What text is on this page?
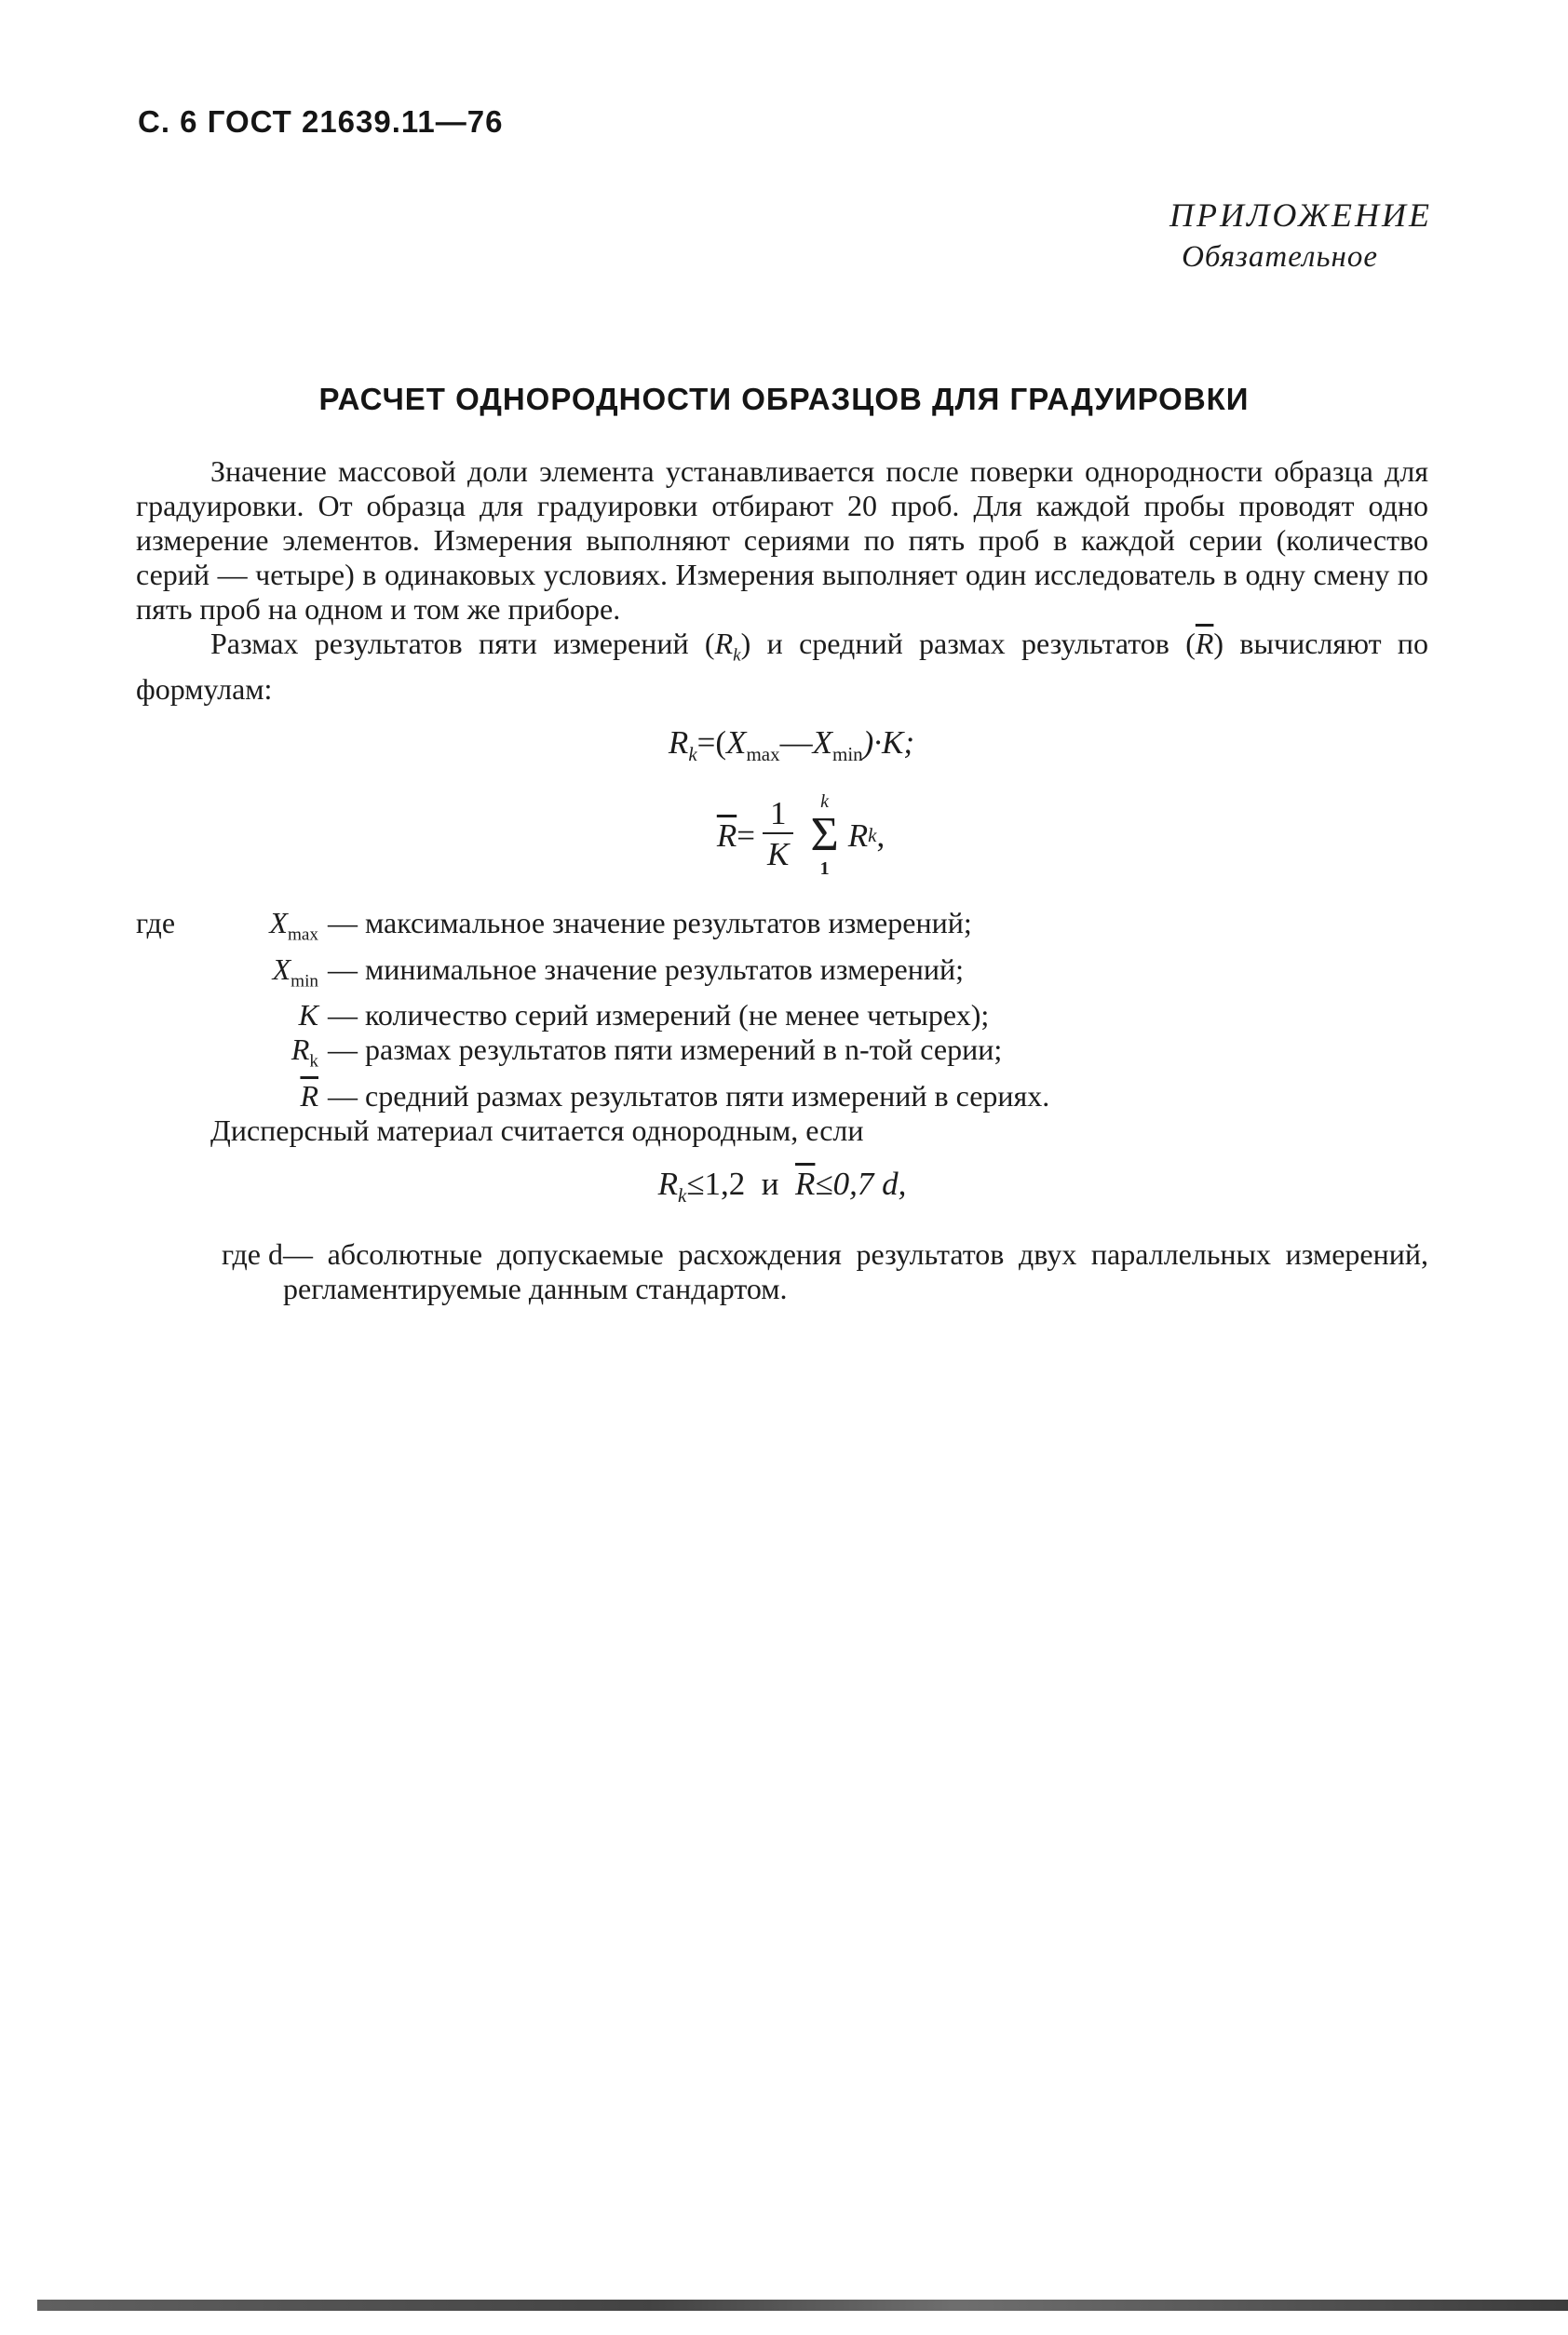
С. 6 ГОСТ 21639.11—76
ПРИЛОЖЕНИЕ
Обязательное
РАСЧЕТ ОДНОРОДНОСТИ ОБРАЗЦОВ ДЛЯ ГРАДУИРОВКИ

Значение массовой доли элемента устанавливается после поверки однородности образца для градуировки. От образца для градуировки отбирают 20 проб. Для каждой пробы проводят одно измерение элементов. Измерения выполняют сериями по пять проб в каждой серии (количество серий — четыре) в одинаковых условиях. Измерения выполняет один исследователь в одну смену по пять проб на одном и том же приборе.

Размах результатов пяти измерений $(R_k)$ и средний размах результатов $(\overline{R})$ вычисляют по формулам:

$R_k=(X_{max}—X_{min})\cdot K$;
$\overline{R} = \frac{1}{K}$ k
Σ
1
R k ,
где	$X_{max}$ — максимальное значение результатов измерений;
$X_{min}$ — минимальное значение результатов измерений;
K — количество серий измерений (не менее четырех);
$R_k$ — размах результатов пяти измерений в n-той серии;
$\overline{R}$ — средний размах результатов пяти измерений в сериях.

Дисперсный материал считается однородным, если

$R_k\le 1,2$  и  $\overline{R}\le 0,7$ d,
где d — абсолютные допускаемые расхождения результатов двух параллельных измерений, регламентируемые данным стандартом.
